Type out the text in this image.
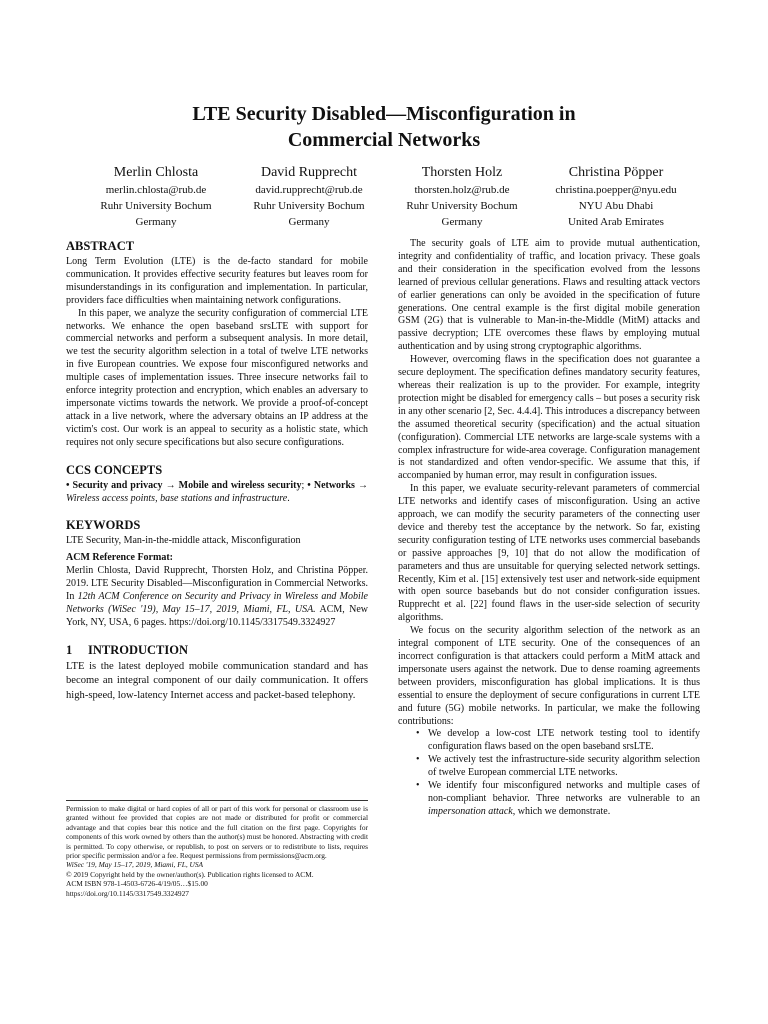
LTE Security Disabled—Misconfiguration in
Commercial Networks
Merlin Chlosta
merlin.chlosta@rub.de
Ruhr University Bochum
Germany
David Rupprecht
david.rupprecht@rub.de
Ruhr University Bochum
Germany
Thorsten Holz
thorsten.holz@rub.de
Ruhr University Bochum
Germany
Christina Pöpper
christina.poepper@nyu.edu
NYU Abu Dhabi
United Arab Emirates
ABSTRACT

Long Term Evolution (LTE) is the de-facto standard for mobile communication. It provides effective security features but leaves room for misunderstandings in its configuration and implementation. In particular, providers face difficulties when maintaining network configurations.

In this paper, we analyze the security configuration of commercial LTE networks. We enhance the open baseband srsLTE with support for commercial networks and perform a subsequent analysis. In more detail, we test the security algorithm selection in a total of twelve LTE networks in five European countries. We expose four misconfigured networks and multiple cases of implementation issues. Three insecure networks fail to enforce integrity protection and encryption, which enables an adversary to impersonate victims towards the network. We provide a proof-of-concept attack in a live network, where the adversary obtains an IP address at the victim's cost. Our work is an appeal to security as a holistic state, which requires not only secure specifications but also secure configurations.

CCS CONCEPTS

• Security and privacy → Mobile and wireless security; • Networks → Wireless access points, base stations and infrastructure.

KEYWORDS

LTE Security, Man-in-the-middle attack, Misconfiguration

ACM Reference Format:

Merlin Chlosta, David Rupprecht, Thorsten Holz, and Christina Pöpper. 2019. LTE Security Disabled—Misconfiguration in Commercial Networks. In 12th ACM Conference on Security and Privacy in Wireless and Mobile Networks (WiSec '19), May 15–17, 2019, Miami, FL, USA. ACM, New York, NY, USA, 6 pages. https://doi.org/10.1145/3317549.3324927

1 INTRODUCTION

LTE is the latest deployed mobile communication standard and has become an integral component of our daily communication. It offers high-speed, low-latency Internet access and packet-based telephony.

Permission to make digital or hard copies of all or part of this work for personal or classroom use is granted without fee provided that copies are not made or distributed for profit or commercial advantage and that copies bear this notice and the full citation on the first page. Copyrights for components of this work owned by others than the author(s) must be honored. Abstracting with credit is permitted. To copy otherwise, or republish, to post on servers or to redistribute to lists, requires prior specific permission and/or a fee. Request permissions from permissions@acm.org.

WiSec '19, May 15–17, 2019, Miami, FL, USA
© 2019 Copyright held by the owner/author(s). Publication rights licensed to ACM.
ACM ISBN 978-1-4503-6726-4/19/05…$15.00
https://doi.org/10.1145/3317549.3324927

The security goals of LTE aim to provide mutual authentication, integrity and confidentiality of traffic, and location privacy. These goals and their consideration in the specification evolved from the lessons learned of previous cellular generations. Flaws and resulting attack vectors of earlier generations can only be avoided in the specification of future generations. One central example is the first digital mobile generation GSM (2G) that is vulnerable to Man-in-the-Middle (MitM) attacks and passive decryption; LTE overcomes these flaws by employing mutual authentication and by using strong cryptographic algorithms.

However, overcoming flaws in the specification does not guarantee a secure deployment. The specification defines mandatory security features, whereas their realization is up to the provider. For example, integrity protection might be disabled for emergency calls – but poses a security risk in any other scenario [2, Sec. 4.4.4]. This introduces a discrepancy between the assumed theoretical security (specification) and the actual situation (configuration). Commercial LTE networks are large-scale systems with a complex infrastructure for wide-area coverage. Configuration management is not standardized and often vendor-specific. We assume that this, if accompanied by human error, may result in configuration issues.

In this paper, we evaluate security-relevant parameters of commercial LTE networks and identify cases of misconfiguration. Using an active approach, we can modify the security parameters of the connecting user device and thereby test the acceptance by the network. So far, existing security configuration testing of LTE networks uses commercial basebands or passive approaches [9, 10] that do not allow the modification of parameters and thus are unsuitable for querying selected network settings. Recently, Kim et al. [15] extensively test user and network-side equipment with open source basebands but do not consider configuration issues. Rupprecht et al. [22] found flaws in the user-side selection of security algorithms.

We focus on the security algorithm selection of the network as an integral component of LTE security. One of the consequences of an incorrect configuration is that attackers could perform a MitM attack and impersonate users against the network. Due to dense roaming agreements between providers, misconfiguration has global implications. It is thus essential to ensure the deployment of secure configurations in current LTE and future (5G) mobile networks. In particular, we make the following contributions:

• We develop a low-cost LTE network testing tool to identify configuration flaws based on the open baseband srsLTE.
• We actively test the infrastructure-side security algorithm selection of twelve European commercial LTE networks.
• We identify four misconfigured networks and multiple cases of non-compliant behavior. Three networks are vulnerable to an impersonation attack, which we demonstrate.
